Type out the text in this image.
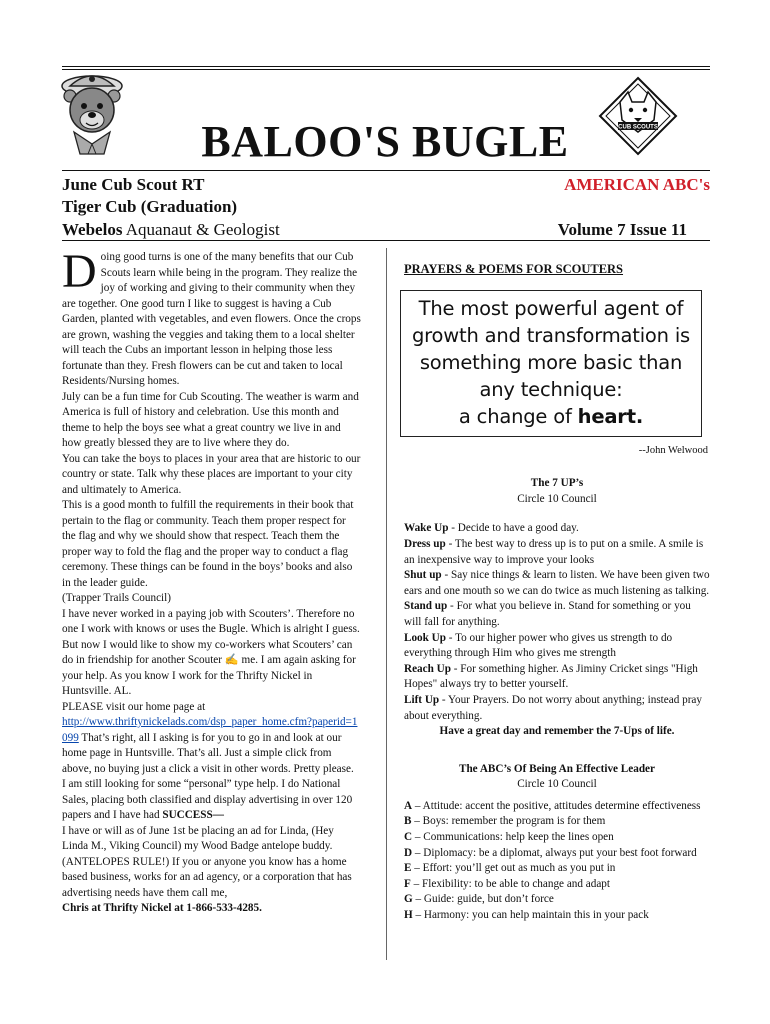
BALOO'S BUGLE	CUB SCOUTS
June Cub Scout RT	AMERICAN ABC's
Tiger Cub (Graduation)
Webelos Aquanaut & Geologist	Volume 7 Issue 11

Doing good turns is one of the many benefits that our Cub Scouts learn while being in the program. They realize the joy of working and giving to their community when they are together. One good turn I like to suggest is having a Cub Garden, planted with vegetables, and even flowers. Once the crops are grown, washing the veggies and taking them to a local shelter will teach the Cubs an important lesson in helping those less fortunate than they. Fresh flowers can be cut and taken to local Residents/Nursing homes.

July can be a fun time for Cub Scouting. The weather is warm and America is full of history and celebration. Use this month and theme to help the boys see what a great country we live in and how greatly blessed they are to live where they do.

You can take the boys to places in your area that are historic to our country or state. Talk why these places are important to your city and ultimately to America.

This is a good month to fulfill the requirements in their book that pertain to the flag or community. Teach them proper respect for the flag and why we should show that respect. Teach them the proper way to fold the flag and the proper way to conduct a flag ceremony. These things can be found in the boys’ books and also in the leader guide.

(Trapper Trails Council)

I have never worked in a paying job with Scouters’. Therefore no one I work with knows or uses the Bugle. Which is alright I guess. But now I would like to show my co-workers what Scouters’ can do in friendship for another Scouter ✍ me. I am again asking for your help. As you know I work for the Thrifty Nickel in Huntsville. AL.

PLEASE visit our home page at
http://www.thriftynickelads.com/dsp_paper_home.cfm?paperid=1099 That’s right, all I asking is for you to go in and look at our home page in Huntsville. That’s all. Just a simple click from above, no buying just a click a visit in other words. Pretty please.

I am still looking for some “personal” type help. I do National Sales, placing both classified and display advertising in over 120 papers and I have had SUCCESS—
I have or will as of June 1st be placing an ad for Linda, (Hey Linda M., Viking Council) my Wood Badge antelope buddy. (ANTELOPES RULE!) If you or anyone you know has a home based business, works for an ad agency, or a corporation that has advertising needs have them call me,
Chris at Thrifty Nickel at 1-866-533-4285.

PRAYERS & POEMS FOR SCOUTERS
The most powerful agent of
growth and transformation is
something more basic than
any technique:
a change of heart.
--John Welwood
The 7 UP’s
Circle 10 Council

Wake Up - Decide to have a good day.

Dress up - The best way to dress up is to put on a smile. A smile is an inexpensive way to improve your looks

Shut up - Say nice things & learn to listen. We have been given two ears and one mouth so we can do twice as much listening as talking.

Stand up - For what you believe in. Stand for something or you will fall for anything.

Look Up - To our higher power who gives us strength to do everything through Him who gives me strength

Reach Up - For something higher. As Jiminy Cricket sings "High Hopes" always try to better yourself.

Lift Up - Your Prayers. Do not worry about anything; instead pray about everything.

Have a great day and remember the 7-Ups of life.
The ABC’s Of Being An Effective Leader
Circle 10 Council

A – Attitude: accent the positive, attitudes determine effectiveness

B – Boys: remember the program is for them

C – Communications: help keep the lines open

D – Diplomacy: be a diplomat, always put your best foot forward

E – Effort: you’ll get out as much as you put in

F – Flexibility: to be able to change and adapt

G – Guide: guide, but don’t force

H – Harmony: you can help maintain this in your pack
